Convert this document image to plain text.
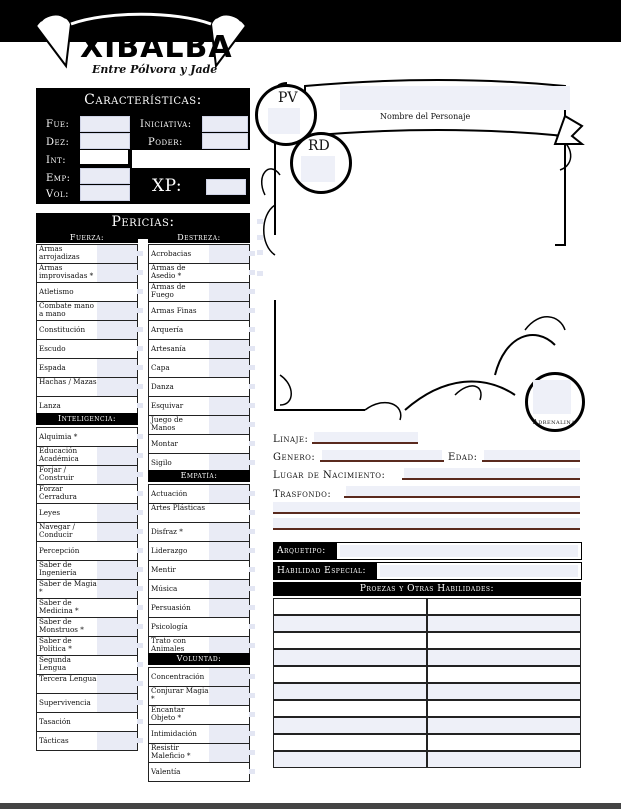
XIBALBA
Entre Pólvora y Jade
Características:
Fue:
Dez:
Int:
Emp:
Vol:
Iniciativa:
Poder:
XP:
Pericias:
Fuerza:	Destreza:
Armas arrojadizas
Armas improvisadas *
Atletismo
Combate mano a mano
Constitución
Escudo
Espada
Hachas / Mazas
Lanza
Inteligencia:
Alquimia *
Educación Académica
Forjar / Construir
Forzar Cerradura
Leyes
Navegar / Conducir
Percepción
Saber de Ingeniería
Saber de Magia *
Saber de Medicina *
Saber de Monstruos *
Saber de Política *
Segunda Lengua
Tercera Lengua
Supervivencia
Tasación
Tácticas
Acrobacias
Armas de Asedio *
Armas de Fuego
Armas Finas
Arquería
Artesanía
Capa
Danza
Esquivar
Juego de Manos
Montar
Sigilo
Empatía:
Actuación
Artes Plásticas
Disfraz *
Liderazgo
Mentir
Música
Persuasión
Psicología
Trato con Animales
Voluntad:
Concentración
Conjurar Magia *
Encantar Objeto *
Intimidación
Resistir Maleficio *
Valentía
Nombre del Personaje
PV
RD
Adrenalina
Linaje:
Genero:	Edad:
Lugar de Nacimiento:
Trasfondo:
Arquetipo:
Habilidad Especial:
Proezas y Otras Habilidades:
